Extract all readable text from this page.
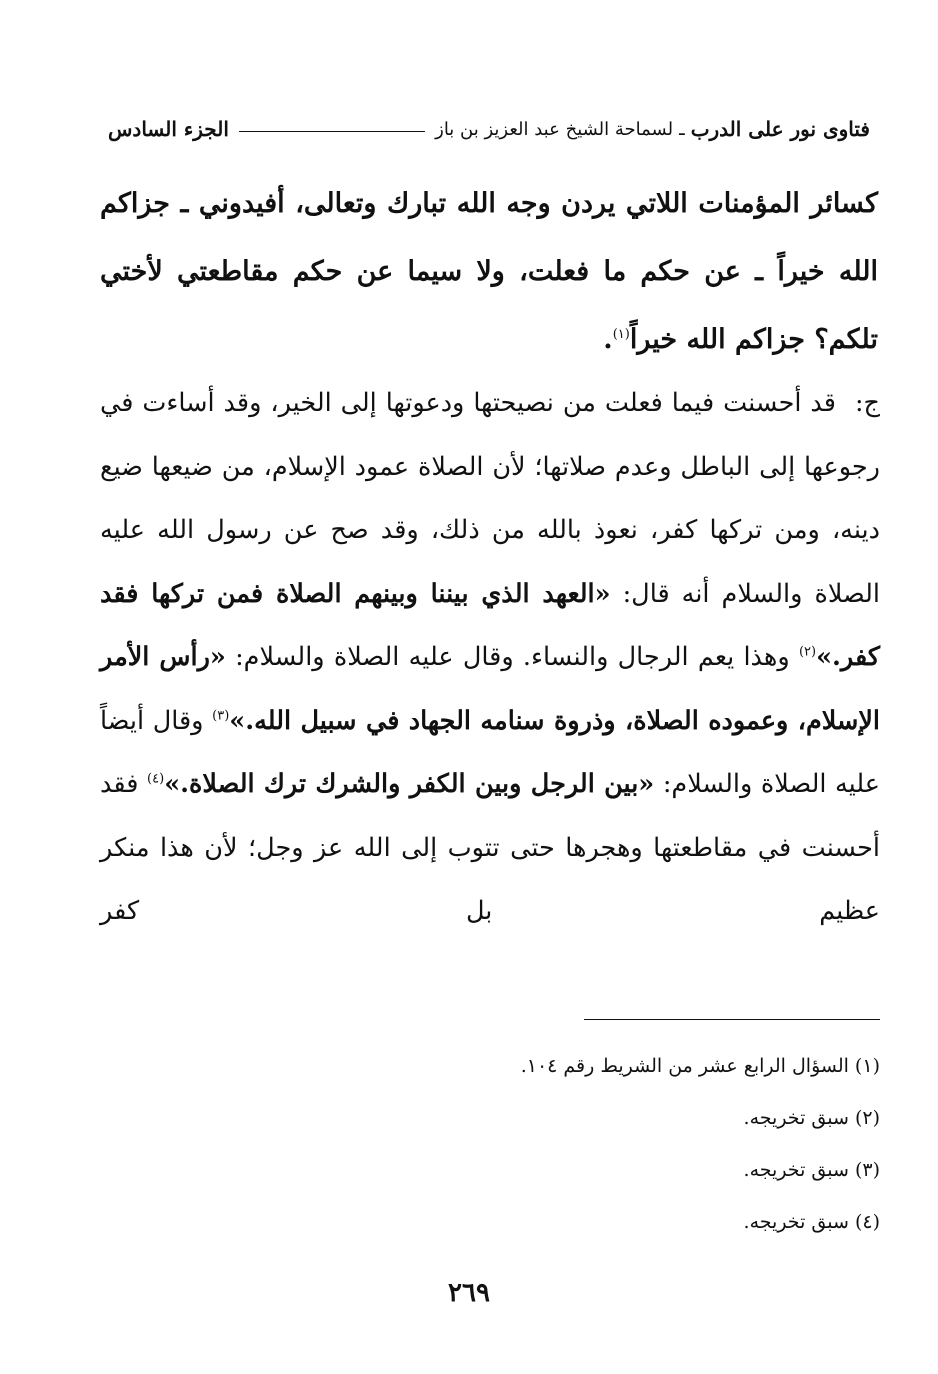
فتاوى نور على الدرب
ـ
لسماحة الشيخ عبد العزيز بن باز
الجزء السادس
كسائر المؤمنات اللاتي يردن وجه الله تبارك وتعالى، أفيدوني ـ جزاكم الله خيراً ـ عن حكم ما فعلت، ولا سيما عن حكم مقاطعتي لأختي تلكم؟ جزاكم الله خيراً$^{(١)}$.
ج: قد أحسنت فيما فعلت من نصيحتها ودعوتها إلى الخير، وقد أساءت في رجوعها إلى الباطل وعدم صلاتها؛ لأن الصلاة عمود الإسلام، من ضيعها ضيع دينه، ومن تركها كفر، نعوذ بالله من ذلك، وقد صح عن رسول الله عليه الصلاة والسلام أنه قال: «العهد الذي بيننا وبينهم الصلاة فمن تركها فقد كفر.»$^{(٢)}$ وهذا يعم الرجال والنساء. وقال عليه الصلاة والسلام: «رأس الأمر الإسلام، وعموده الصلاة، وذروة سنامه الجهاد في سبيل الله.»$^{(٣)}$ وقال أيضاً عليه الصلاة والسلام: «بين الرجل وبين الكفر والشرك ترك الصلاة.»$^{(٤)}$ فقد أحسنت في مقاطعتها وهجرها حتى تتوب إلى الله عز وجل؛ لأن هذا منكر عظيم بل كفر
(١) السؤال الرابع عشر من الشريط رقم ١٠٤.
(٢) سبق تخريجه.
(٣) سبق تخريجه.
(٤) سبق تخريجه.
٢٦٩
